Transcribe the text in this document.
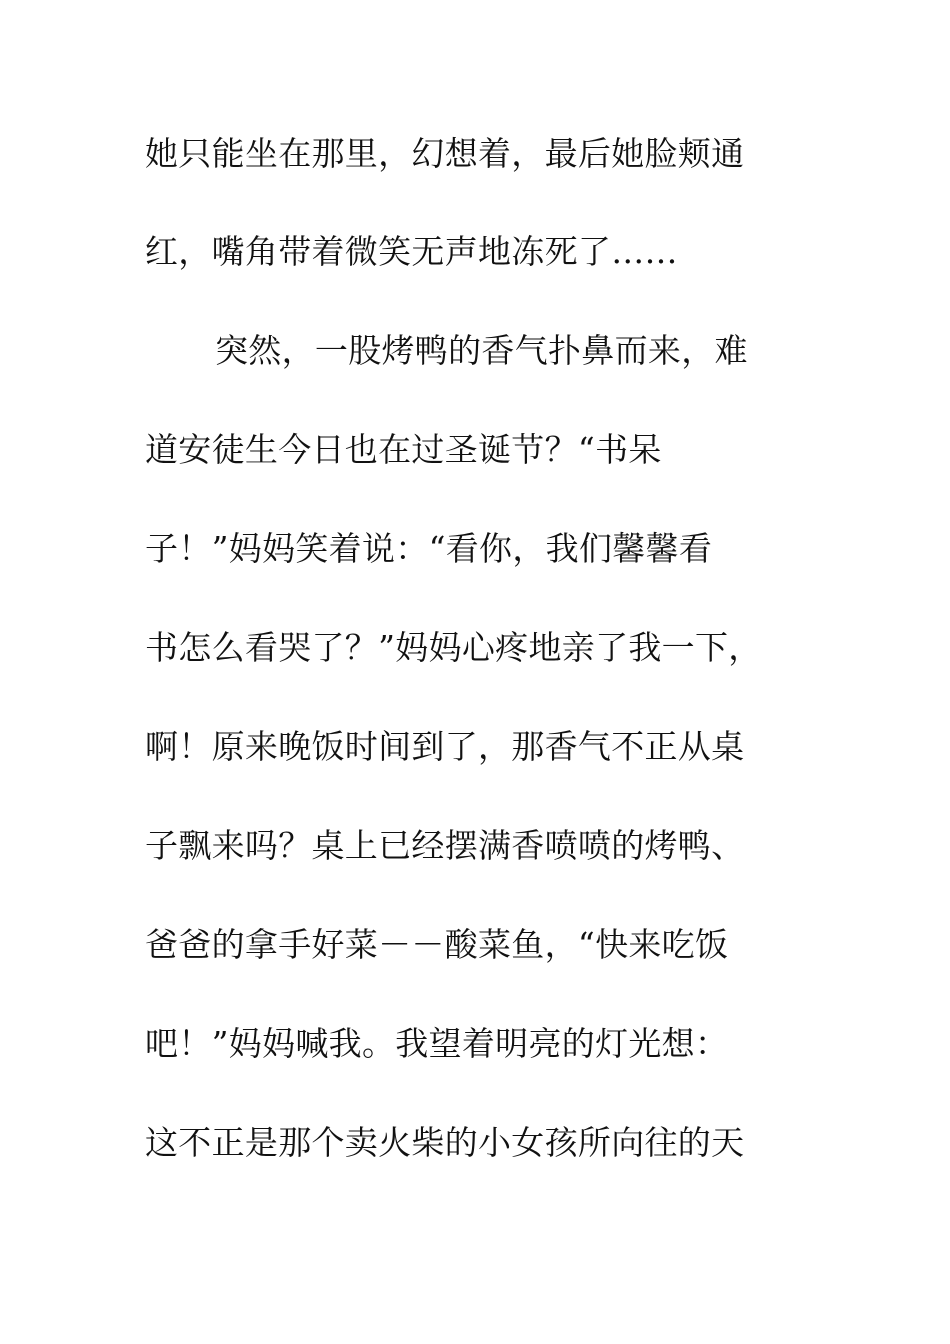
她只能坐在那里，幻想着，最后她脸颊通
红，嘴角带着微笑无声地冻死了……
突然，一股烤鸭的香气扑鼻而来，难
道安徒生今日也在过圣诞节？“书呆
子！”妈妈笑着说：“看你，我们馨馨看
书怎么看哭了？”妈妈心疼地亲了我一下，
啊！原来晚饭时间到了，那香气不正从桌
子飘来吗？桌上已经摆满香喷喷的烤鸭、
爸爸的拿手好菜－－酸菜鱼，“快来吃饭
吧！”妈妈喊我。我望着明亮的灯光想：
这不正是那个卖火柴的小女孩所向往的天
